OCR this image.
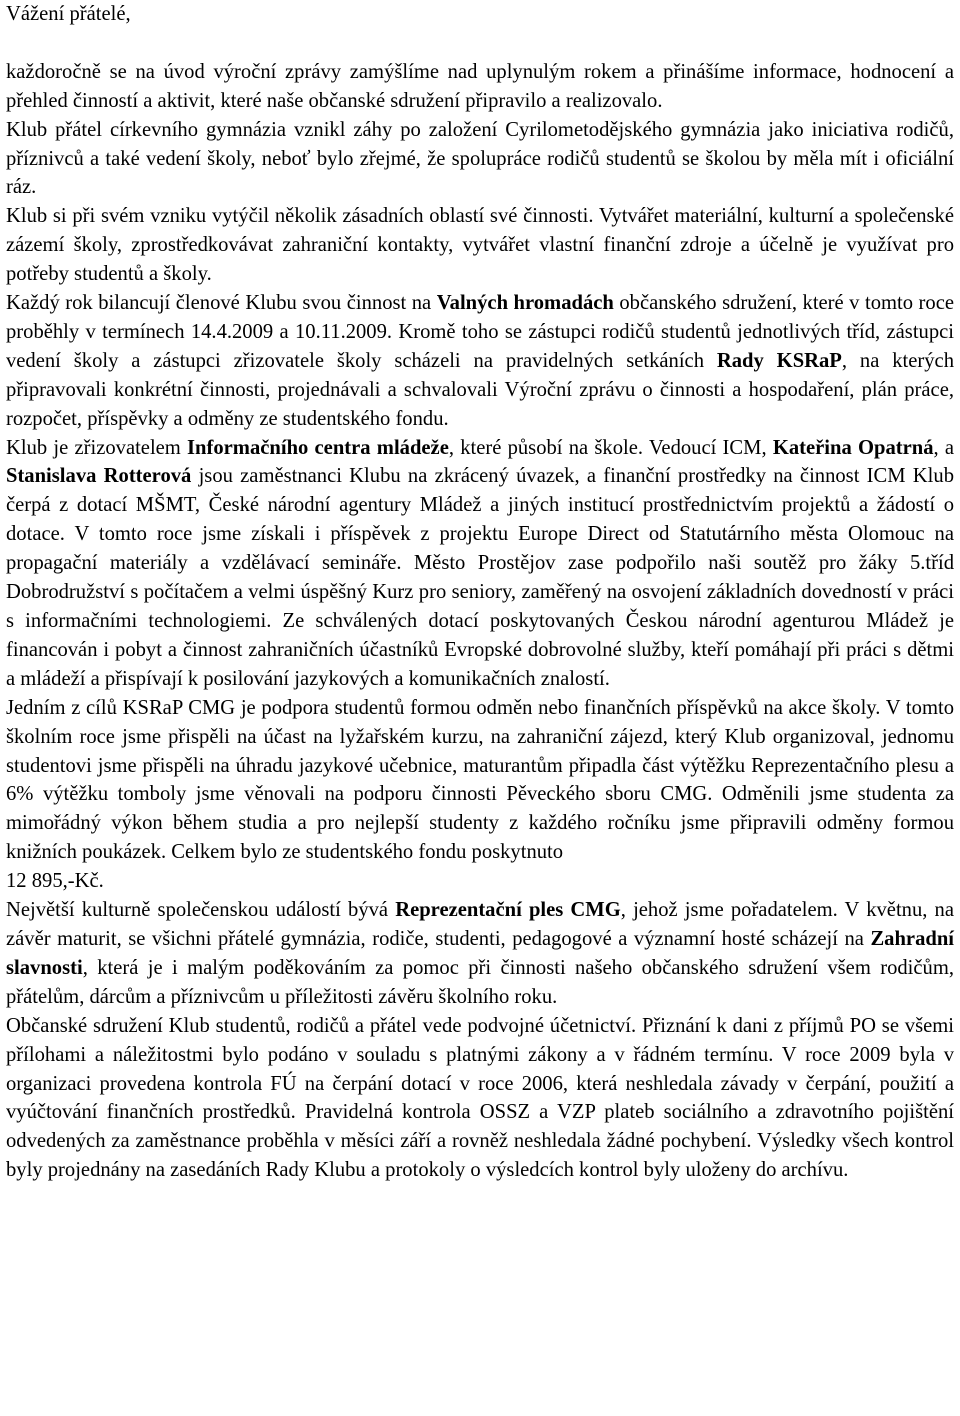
Vážení přátelé,

každoročně se na úvod výroční zprávy zamýšlíme nad uplynulým rokem a přinášíme informace, hodnocení a přehled činností a aktivit, které naše občanské sdružení připravilo a realizovalo.

Klub přátel církevního gymnázia vznikl záhy po založení Cyrilometodějského gymnázia jako iniciativa rodičů, příznivců a také vedení školy, neboť bylo zřejmé, že spolupráce rodičů studentů se školou by měla mít i oficiální ráz.

Klub si při svém vzniku vytýčil několik zásadních oblastí své činnosti. Vytvářet materiální, kulturní a společenské zázemí školy, zprostředkovávat zahraniční kontakty, vytvářet vlastní finanční zdroje a účelně je využívat pro potřeby studentů a školy.

Každý rok bilancují členové Klubu svou činnost na Valných hromadách občanského sdružení, které v tomto roce proběhly v termínech 14.4.2009 a 10.11.2009. Kromě toho se zástupci rodičů studentů jednotlivých tříd, zástupci vedení školy a zástupci zřizovatele školy scházeli na pravidelných setkáních Rady KSRaP, na kterých připravovali konkrétní činnosti, projednávali a schvalovali Výroční zprávu o činnosti a hospodaření, plán práce, rozpočet, příspěvky a odměny ze studentského fondu.

Klub je zřizovatelem Informačního centra mládeže, které působí na škole. Vedoucí ICM, Kateřina Opatrná, a Stanislava Rotterová jsou zaměstnanci Klubu na zkrácený úvazek, a finanční prostředky na činnost ICM Klub čerpá z dotací MŠMT, České národní agentury Mládež a jiných institucí prostřednictvím projektů a žádostí o dotace. V tomto roce jsme získali i příspěvek z projektu Europe Direct od Statutárního města Olomouc na propagační materiály a vzdělávací semináře. Město Prostějov zase podpořilo naši soutěž pro žáky 5.tříd Dobrodružství s počítačem a velmi úspěšný Kurz pro seniory, zaměřený na osvojení základních dovedností v práci s informačními technologiemi. Ze schválených dotací poskytovaných Českou národní agenturou Mládež je financován i pobyt a činnost zahraničních účastníků Evropské dobrovolné služby, kteří pomáhají při práci s dětmi a mládeží a přispívají k posilování jazykových a komunikačních znalostí.

Jedním z cílů KSRaP CMG je podpora studentů formou odměn nebo finančních příspěvků na akce školy. V tomto školním roce jsme přispěli na účast na lyžařském kurzu, na zahraniční zájezd, který Klub organizoval, jednomu studentovi jsme přispěli na úhradu jazykové učebnice, maturantům připadla část výtěžku Reprezentačního plesu a 6% výtěžku tomboly jsme věnovali na podporu činnosti Pěveckého sboru CMG. Odměnili jsme studenta za mimořádný výkon během studia a pro nejlepší studenty z každého ročníku jsme připravili odměny formou knižních poukázek. Celkem bylo ze studentského fondu poskytnuto

12 895,-Kč.

Největší kulturně společenskou událostí bývá Reprezentační ples CMG, jehož jsme pořadatelem. V květnu, na závěr maturit, se všichni přátelé gymnázia, rodiče, studenti, pedagogové a významní hosté scházejí na Zahradní slavnosti, která je i malým poděkováním za pomoc při činnosti našeho občanského sdružení všem rodičům, přátelům, dárcům a příznivcům u příležitosti závěru školního roku.

Občanské sdružení Klub studentů, rodičů a přátel vede podvojné účetnictví. Přiznání k dani z příjmů PO se všemi přílohami a náležitostmi bylo podáno v souladu s platnými zákony a v řádném termínu. V roce 2009 byla v organizaci provedena kontrola FÚ na čerpání dotací v roce 2006, která neshledala závady v čerpání, použití a vyúčtování finančních prostředků. Pravidelná kontrola OSSZ a VZP plateb sociálního a zdravotního pojištění odvedených za zaměstnance proběhla v měsíci září a rovněž neshledala žádné pochybení. Výsledky všech kontrol byly projednány na zasedáních Rady Klubu a protokoly o výsledcích kontrol byly uloženy do archívu.
